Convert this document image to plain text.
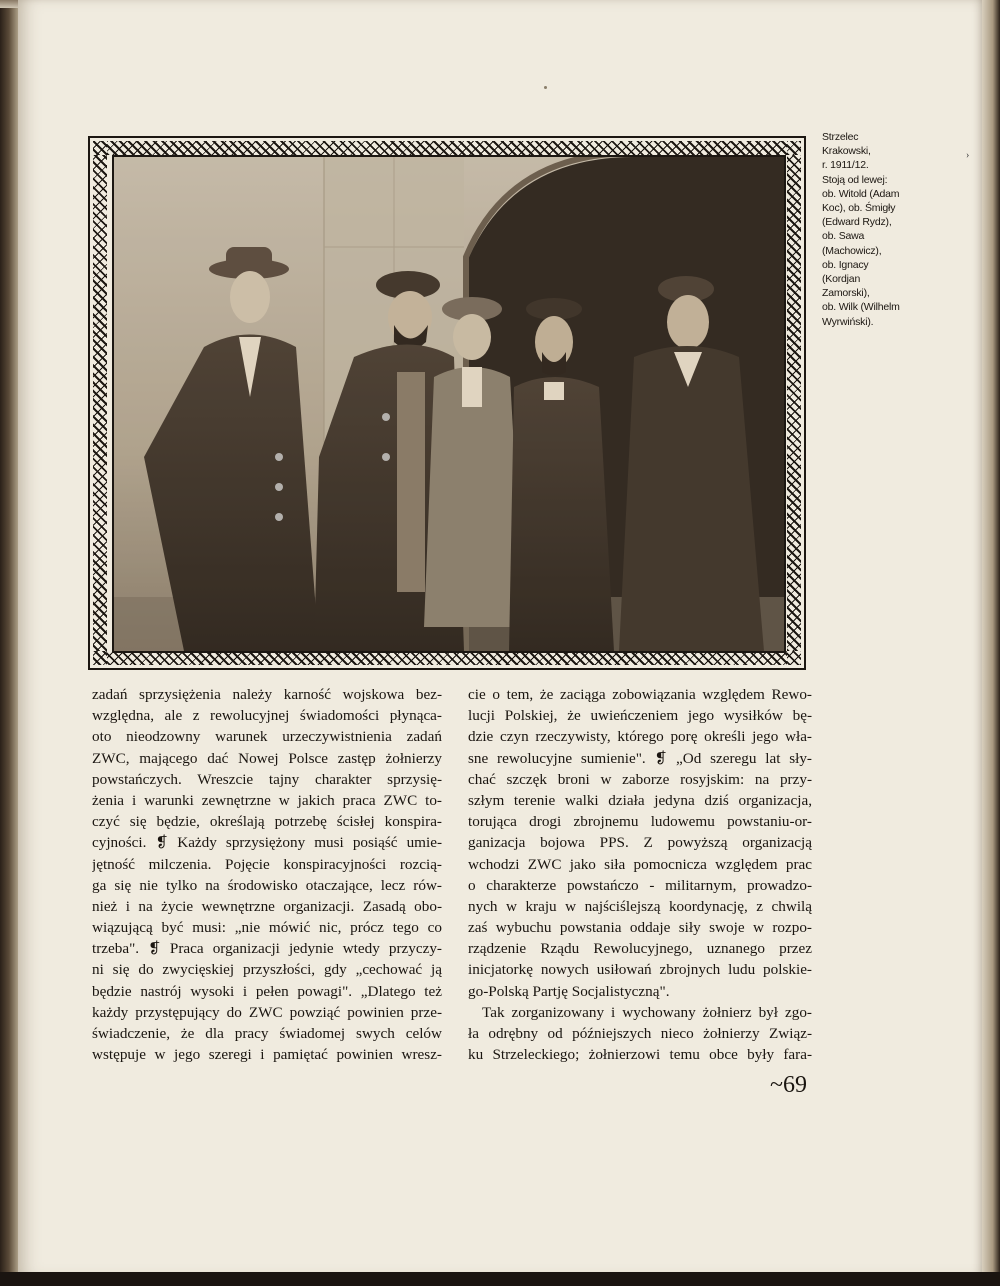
Strzelec
Krakowski,
r. 1911/12.
Stoją od lewej:
ob. Witold (Adam
Koc), ob. Śmigły
(Edward Rydz),
ob. Sawa
(Machowicz),
ob. Ignacy
(Kordjan
Zamorski),
ob. Wilk (Wilhelm
Wyrwiński).
›
zadań sprzysiężenia należy karność wojskowa bez-
względna, ale z rewolucyjnej świadomości płynąca-
oto nieodzowny warunek urzeczywistnienia zadań
ZWC, mającego dać Nowej Polsce zastęp żołnierzy
powstańczych. Wreszcie tajny charakter sprzysię-
żenia i warunki zewnętrzne w jakich praca ZWC to-
czyć się będzie, określają potrzebę ścisłej konspira-
cyjności. ❡ Każdy sprzysiężony musi posiąść umie-
jętność milczenia. Pojęcie konspiracyjności rozcią-
ga się nie tylko na środowisko otaczające, lecz rów-
nież i na życie wewnętrzne organizacji. Zasadą obo-
wiązującą być musi: „nie mówić nic, prócz tego co
trzeba". ❡ Praca organizacji jedynie wtedy przyczy-
ni się do zwycięskiej przyszłości, gdy „cechować ją
będzie nastrój wysoki i pełen powagi". „Dlatego też
każdy przystępujący do ZWC powziąć powinien prze-
świadczenie, że dla pracy świadomej swych celów
wstępuje w jego szeregi i pamiętać powinien wresz-
cie o tem, że zaciąga zobowiązania względem Rewo-
lucji Polskiej, że uwieńczeniem jego wysiłków bę-
dzie czyn rzeczywisty, którego porę określi jego wła-
sne rewolucyjne sumienie". ❡ „Od szeregu lat sły-
chać szczęk broni w zaborze rosyjskim: na przy-
szłym terenie walki działa jedyna dziś organizacja,
torująca drogi zbrojnemu ludowemu powstaniu-or-
ganizacja bojowa PPS. Z powyższą organizacją
wchodzi ZWC jako siła pomocnicza względem prac
o charakterze powstańczo - militarnym, prowadzo-
nych w kraju w najściślejszą koordynację, z chwilą
zaś wybuchu powstania oddaje siły swoje w rozpo-
rządzenie Rządu Rewolucyjnego, uznanego przez
inicjatorkę nowych usiłowań zbrojnych ludu polskie-
go-Polską Partję Socjalistyczną".
Tak zorganizowany i wychowany żołnierz był zgo-
ła odrębny od późniejszych nieco żołnierzy Związ-
ku Strzeleckiego; żołnierzowi temu obce były fara-
~69
